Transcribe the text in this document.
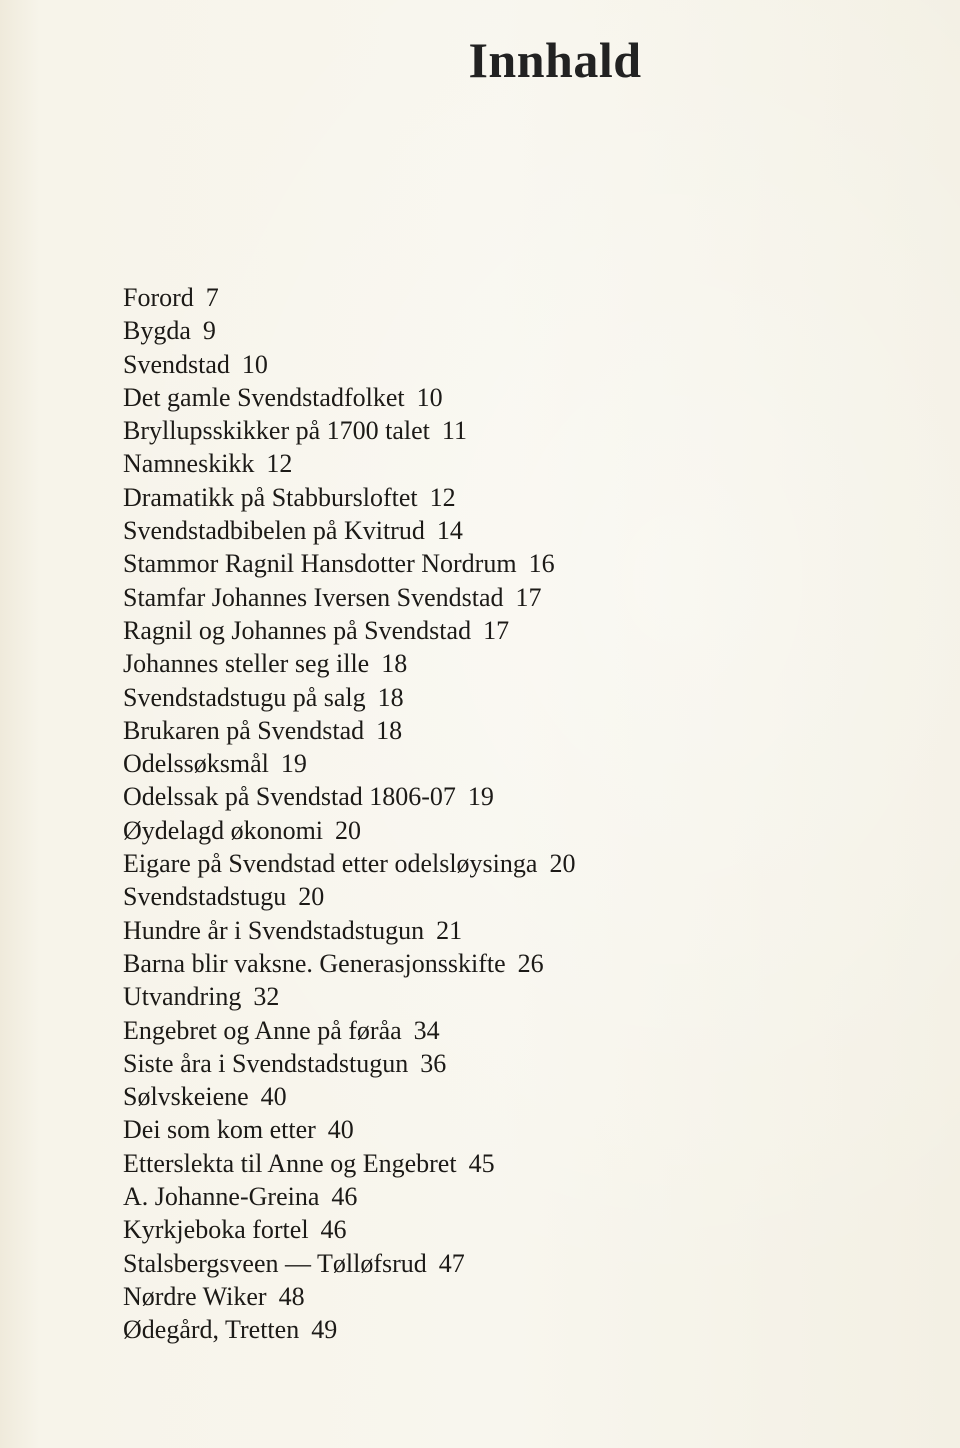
Innhald
Forord 7
Bygda 9
Svendstad 10
Det gamle Svendstadfolket 10
Bryllupsskikker på 1700 talet 11
Namneskikk 12
Dramatikk på Stabbursloftet 12
Svendstadbibelen på Kvitrud 14
Stammor Ragnil Hansdotter Nordrum 16
Stamfar Johannes Iversen Svendstad 17
Ragnil og Johannes på Svendstad 17
Johannes steller seg ille 18
Svendstadstugu på salg 18
Brukaren på Svendstad 18
Odelssøksmål 19
Odelssak på Svendstad 1806-07 19
Øydelagd økonomi 20
Eigare på Svendstad etter odelsløysinga 20
Svendstadstugu 20
Hundre år i Svendstadstugun 21
Barna blir vaksne. Generasjonsskifte 26
Utvandring 32
Engebret og Anne på føråa 34
Siste åra i Svendstadstugun 36
Sølvskeiene 40
Dei som kom etter 40
Etterslekta til Anne og Engebret 45
A. Johanne-Greina 46
Kyrkjeboka fortel 46
Stalsbergsveen — Tølløfsrud 47
Nørdre Wiker 48
Ødegård, Tretten 49
